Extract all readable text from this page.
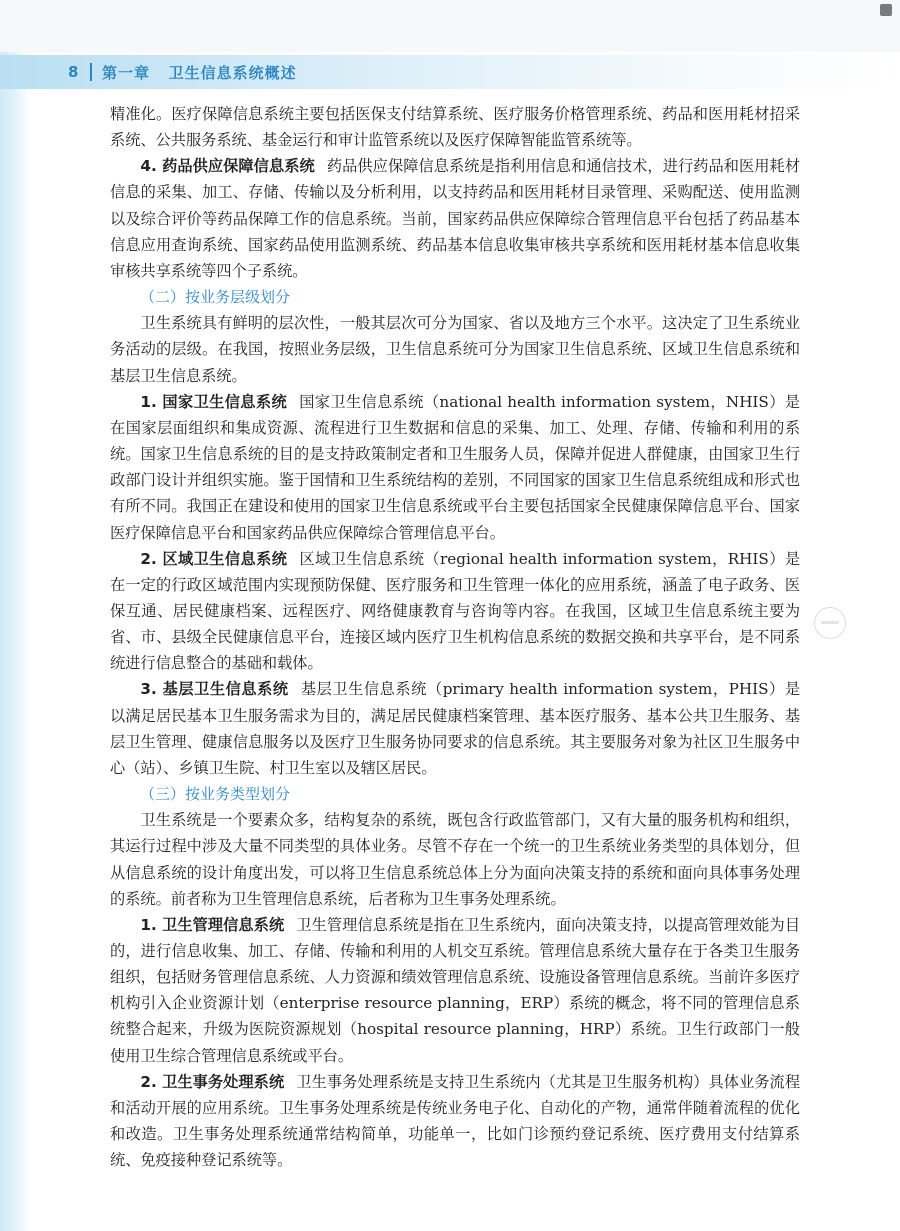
8	第一章   卫生信息系统概述

精准化。医疗保障信息系统主要包括医保支付结算系统、医疗服务价格管理系统、药品和医用耗材招采系统、公共服务系统、基金运行和审计监管系统以及医疗保障智能监管系统等。

4. 药品供应保障信息系统 药品供应保障信息系统是指利用信息和通信技术，进行药品和医用耗材信息的采集、加工、存储、传输以及分析利用，以支持药品和医用耗材目录管理、采购配送、使用监测以及综合评价等药品保障工作的信息系统。当前，国家药品供应保障综合管理信息平台包括了药品基本信息应用查询系统、国家药品使用监测系统、药品基本信息收集审核共享系统和医用耗材基本信息收集审核共享系统等四个子系统。

（二）按业务层级划分

卫生系统具有鲜明的层次性，一般其层次可分为国家、省以及地方三个水平。这决定了卫生系统业务活动的层级。在我国，按照业务层级，卫生信息系统可分为国家卫生信息系统、区域卫生信息系统和基层卫生信息系统。

1. 国家卫生信息系统 国家卫生信息系统（national health information system，NHIS）是在国家层面组织和集成资源、流程进行卫生数据和信息的采集、加工、处理、存储、传输和利用的系统。国家卫生信息系统的目的是支持政策制定者和卫生服务人员，保障并促进人群健康，由国家卫生行政部门设计并组织实施。鉴于国情和卫生系统结构的差别，不同国家的国家卫生信息系统组成和形式也有所不同。我国正在建设和使用的国家卫生信息系统或平台主要包括国家全民健康保障信息平台、国家医疗保障信息平台和国家药品供应保障综合管理信息平台。

2. 区域卫生信息系统 区域卫生信息系统（regional health information system，RHIS）是在一定的行政区域范围内实现预防保健、医疗服务和卫生管理一体化的应用系统，涵盖了电子政务、医保互通、居民健康档案、远程医疗、网络健康教育与咨询等内容。在我国，区域卫生信息系统主要为省、市、县级全民健康信息平台，连接区域内医疗卫生机构信息系统的数据交换和共享平台，是不同系统进行信息整合的基础和载体。

3. 基层卫生信息系统 基层卫生信息系统（primary health information system，PHIS）是以满足居民基本卫生服务需求为目的，满足居民健康档案管理、基本医疗服务、基本公共卫生服务、基层卫生管理、健康信息服务以及医疗卫生服务协同要求的信息系统。其主要服务对象为社区卫生服务中心（站）、乡镇卫生院、村卫生室以及辖区居民。

（三）按业务类型划分

卫生系统是一个要素众多，结构复杂的系统，既包含行政监管部门，又有大量的服务机构和组织，其运行过程中涉及大量不同类型的具体业务。尽管不存在一个统一的卫生系统业务类型的具体划分，但从信息系统的设计角度出发，可以将卫生信息系统总体上分为面向决策支持的系统和面向具体事务处理的系统。前者称为卫生管理信息系统，后者称为卫生事务处理系统。

1. 卫生管理信息系统 卫生管理信息系统是指在卫生系统内，面向决策支持，以提高管理效能为目的，进行信息收集、加工、存储、传输和利用的人机交互系统。管理信息系统大量存在于各类卫生服务组织，包括财务管理信息系统、人力资源和绩效管理信息系统、设施设备管理信息系统。当前许多医疗机构引入企业资源计划（enterprise resource planning，ERP）系统的概念，将不同的管理信息系统整合起来，升级为医院资源规划（hospital resource planning，HRP）系统。卫生行政部门一般使用卫生综合管理信息系统或平台。

2. 卫生事务处理系统 卫生事务处理系统是支持卫生系统内（尤其是卫生服务机构）具体业务流程和活动开展的应用系统。卫生事务处理系统是传统业务电子化、自动化的产物，通常伴随着流程的优化和改造。卫生事务处理系统通常结构简单，功能单一，比如门诊预约登记系统、医疗费用支付结算系统、免疫接种登记系统等。
